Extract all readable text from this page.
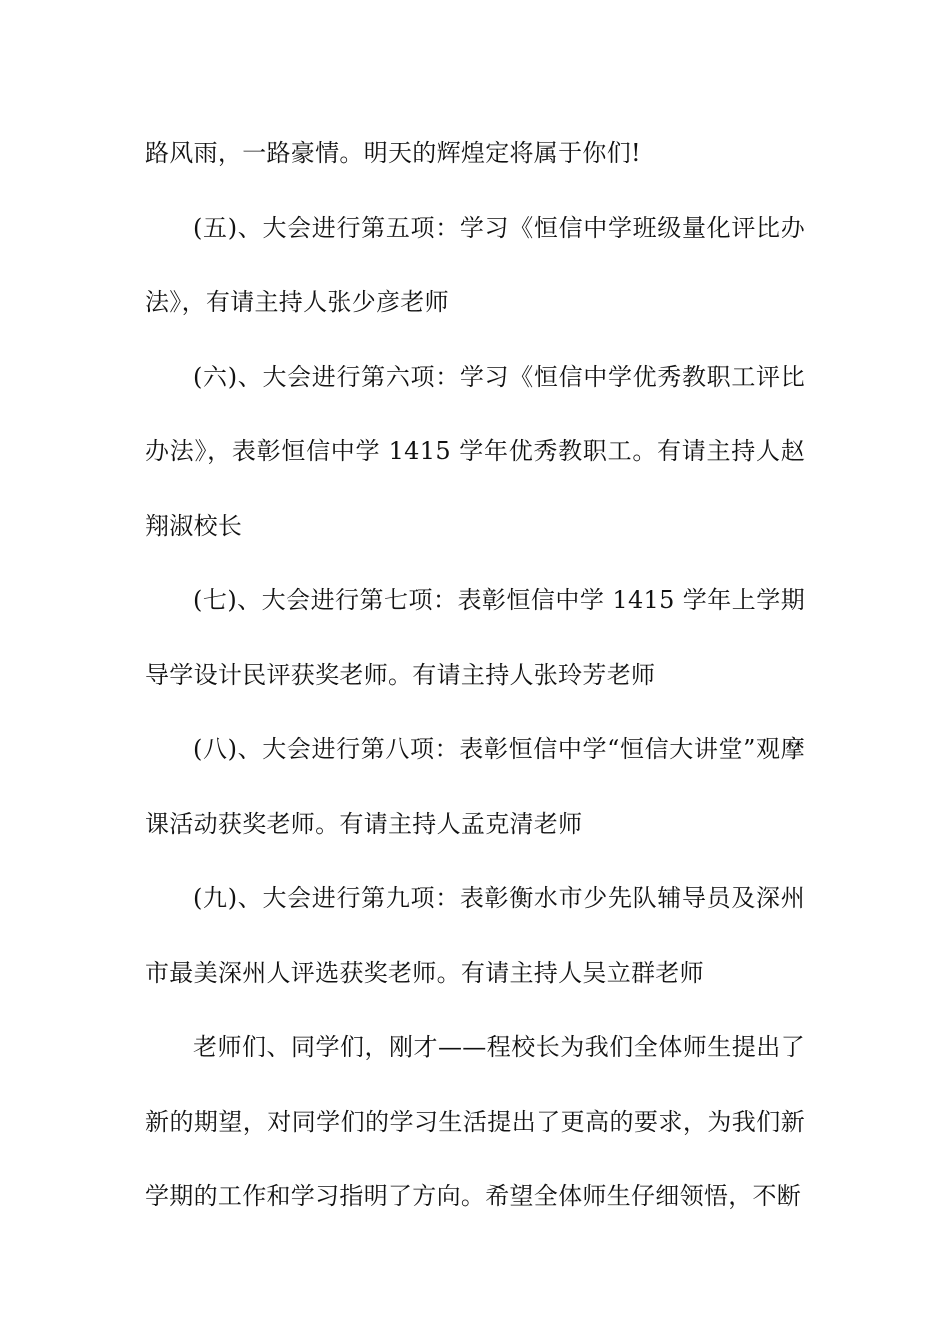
路风雨，一路豪情。明天的辉煌定将属于你们!

(五)、大会进行第五项：学习《恒信中学班级量化评比办法》，有请主持人张少彦老师

(六)、大会进行第六项：学习《恒信中学优秀教职工评比办法》，表彰恒信中学 1415 学年优秀教职工。有请主持人赵翔淑校长

(七)、大会进行第七项：表彰恒信中学 1415 学年上学期导学设计民评获奖老师。有请主持人张玲芳老师

(八)、大会进行第八项：表彰恒信中学“恒信大讲堂”观摩课活动获奖老师。有请主持人孟克清老师

(九)、大会进行第九项：表彰衡水市少先队辅导员及深州市最美深州人评选获奖老师。有请主持人吴立群老师

老师们、同学们，刚才——程校长为我们全体师生提出了新的期望，对同学们的学习生活提出了更高的要求，为我们新学期的工作和学习指明了方向。希望全体师生仔细领悟，不断
